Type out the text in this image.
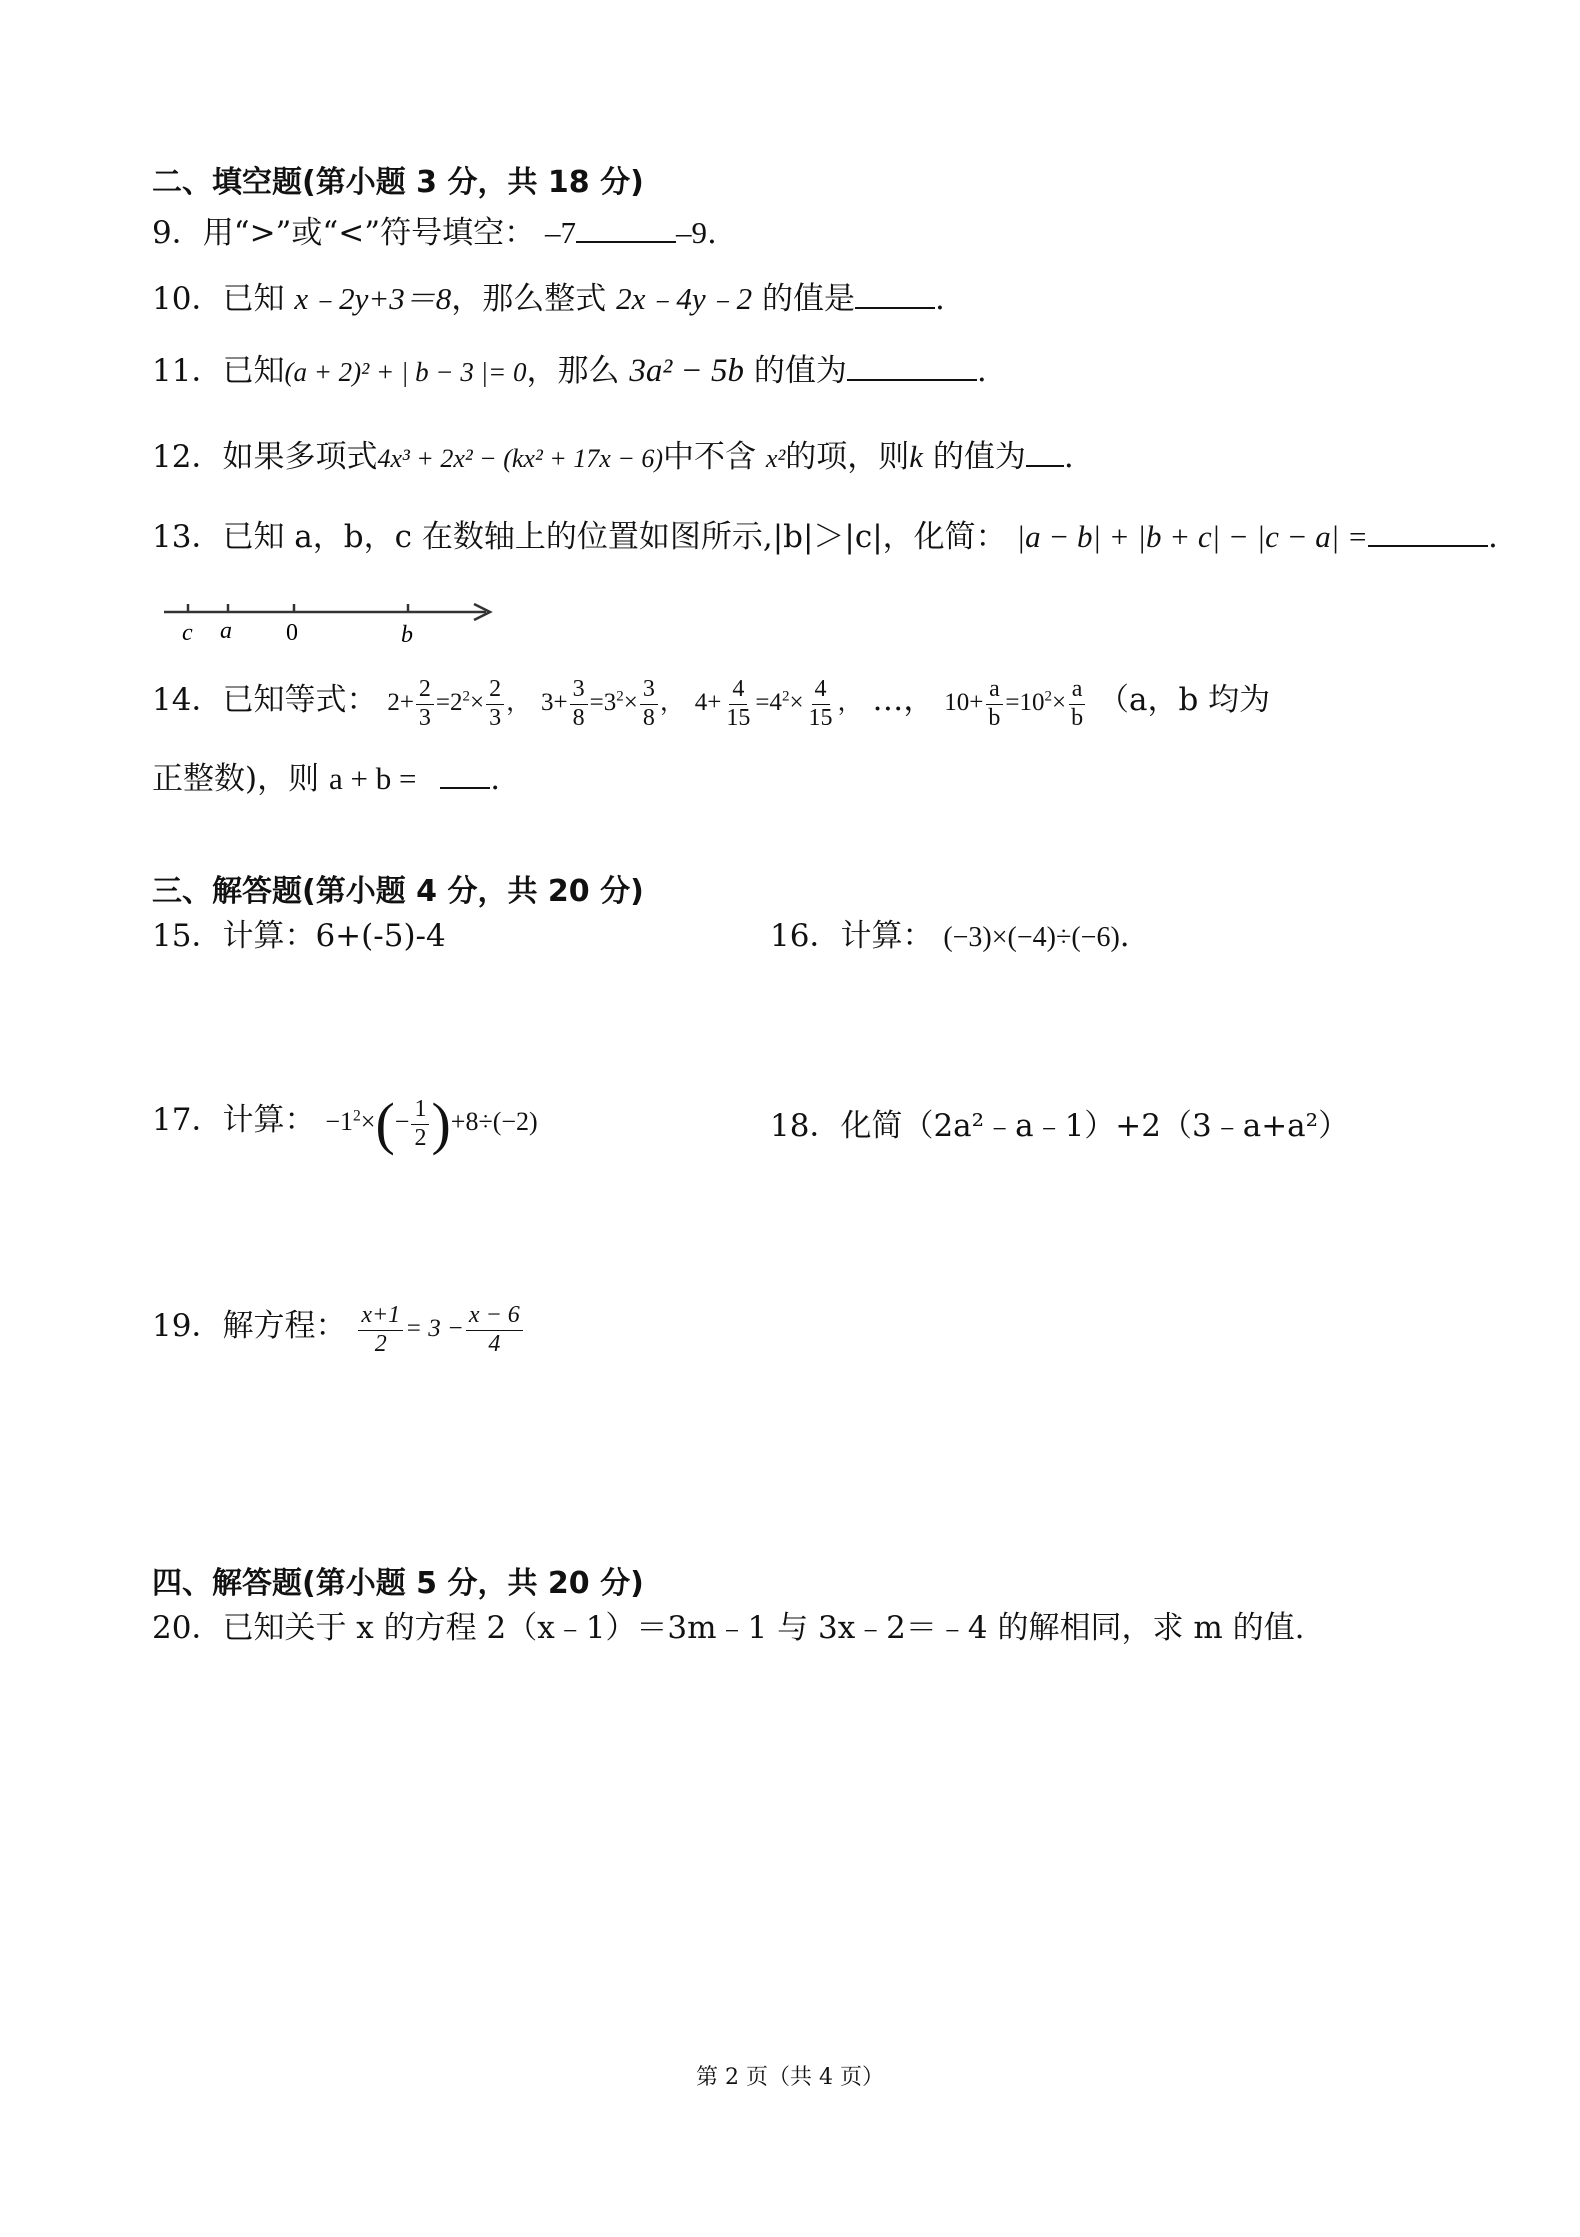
二、填空题(第小题 3 分，共 18 分)
9．用“>”或“<”符号填空： –7	–9.
10．已知 x﹣2y+3＝8，那么整式 2x﹣4y﹣2 的值是	.
11．已知(a + 2)² + | b − 3 |= 0，那么 3a² − 5b 的值为	.
12．如果多项式4x³ + 2x² − (kx² + 17x − 6)中不含 x²的项，则k 的值为 .
13．已知 a，b，c 在数轴上的位置如图所示,|b|＞|c|，化简： |a − b| + |b + c| − |c − a| =	.
c a 0	b
14．已知等式： $2+ \frac{2}{3} =2^2\times \frac{2}{3}$ ， $3+ \frac{3}{8} =3^2\times \frac{3}{8}$ ， $4+ \frac{4}{15} =4^2\times \frac{4}{15}$ ， …， $10+ \frac{a}{b} =10^2\times \frac{a}{b} (a$，b 均为
正整数)，则 a + b = .
三、解答题(第小题 4 分，共 20 分)
15．计算：6+(-5)-4	16．计算： (−3)×(−4)÷(−6).
17．计算： $-1^2\times(- \frac{1}{2} )+8\div(-2)$	18．化简（2a²﹣a﹣1）+2（3﹣a+a²）
19．解方程： $\frac{x+1}{2} = 3 - \frac{x - 6}{4}$
四、解答题(第小题 5 分，共 20 分)
20．已知关于 x 的方程 2（x﹣1）＝3m﹣1 与 3x﹣2＝﹣4 的解相同，求 m 的值.
第 2 页（共 4 页）
